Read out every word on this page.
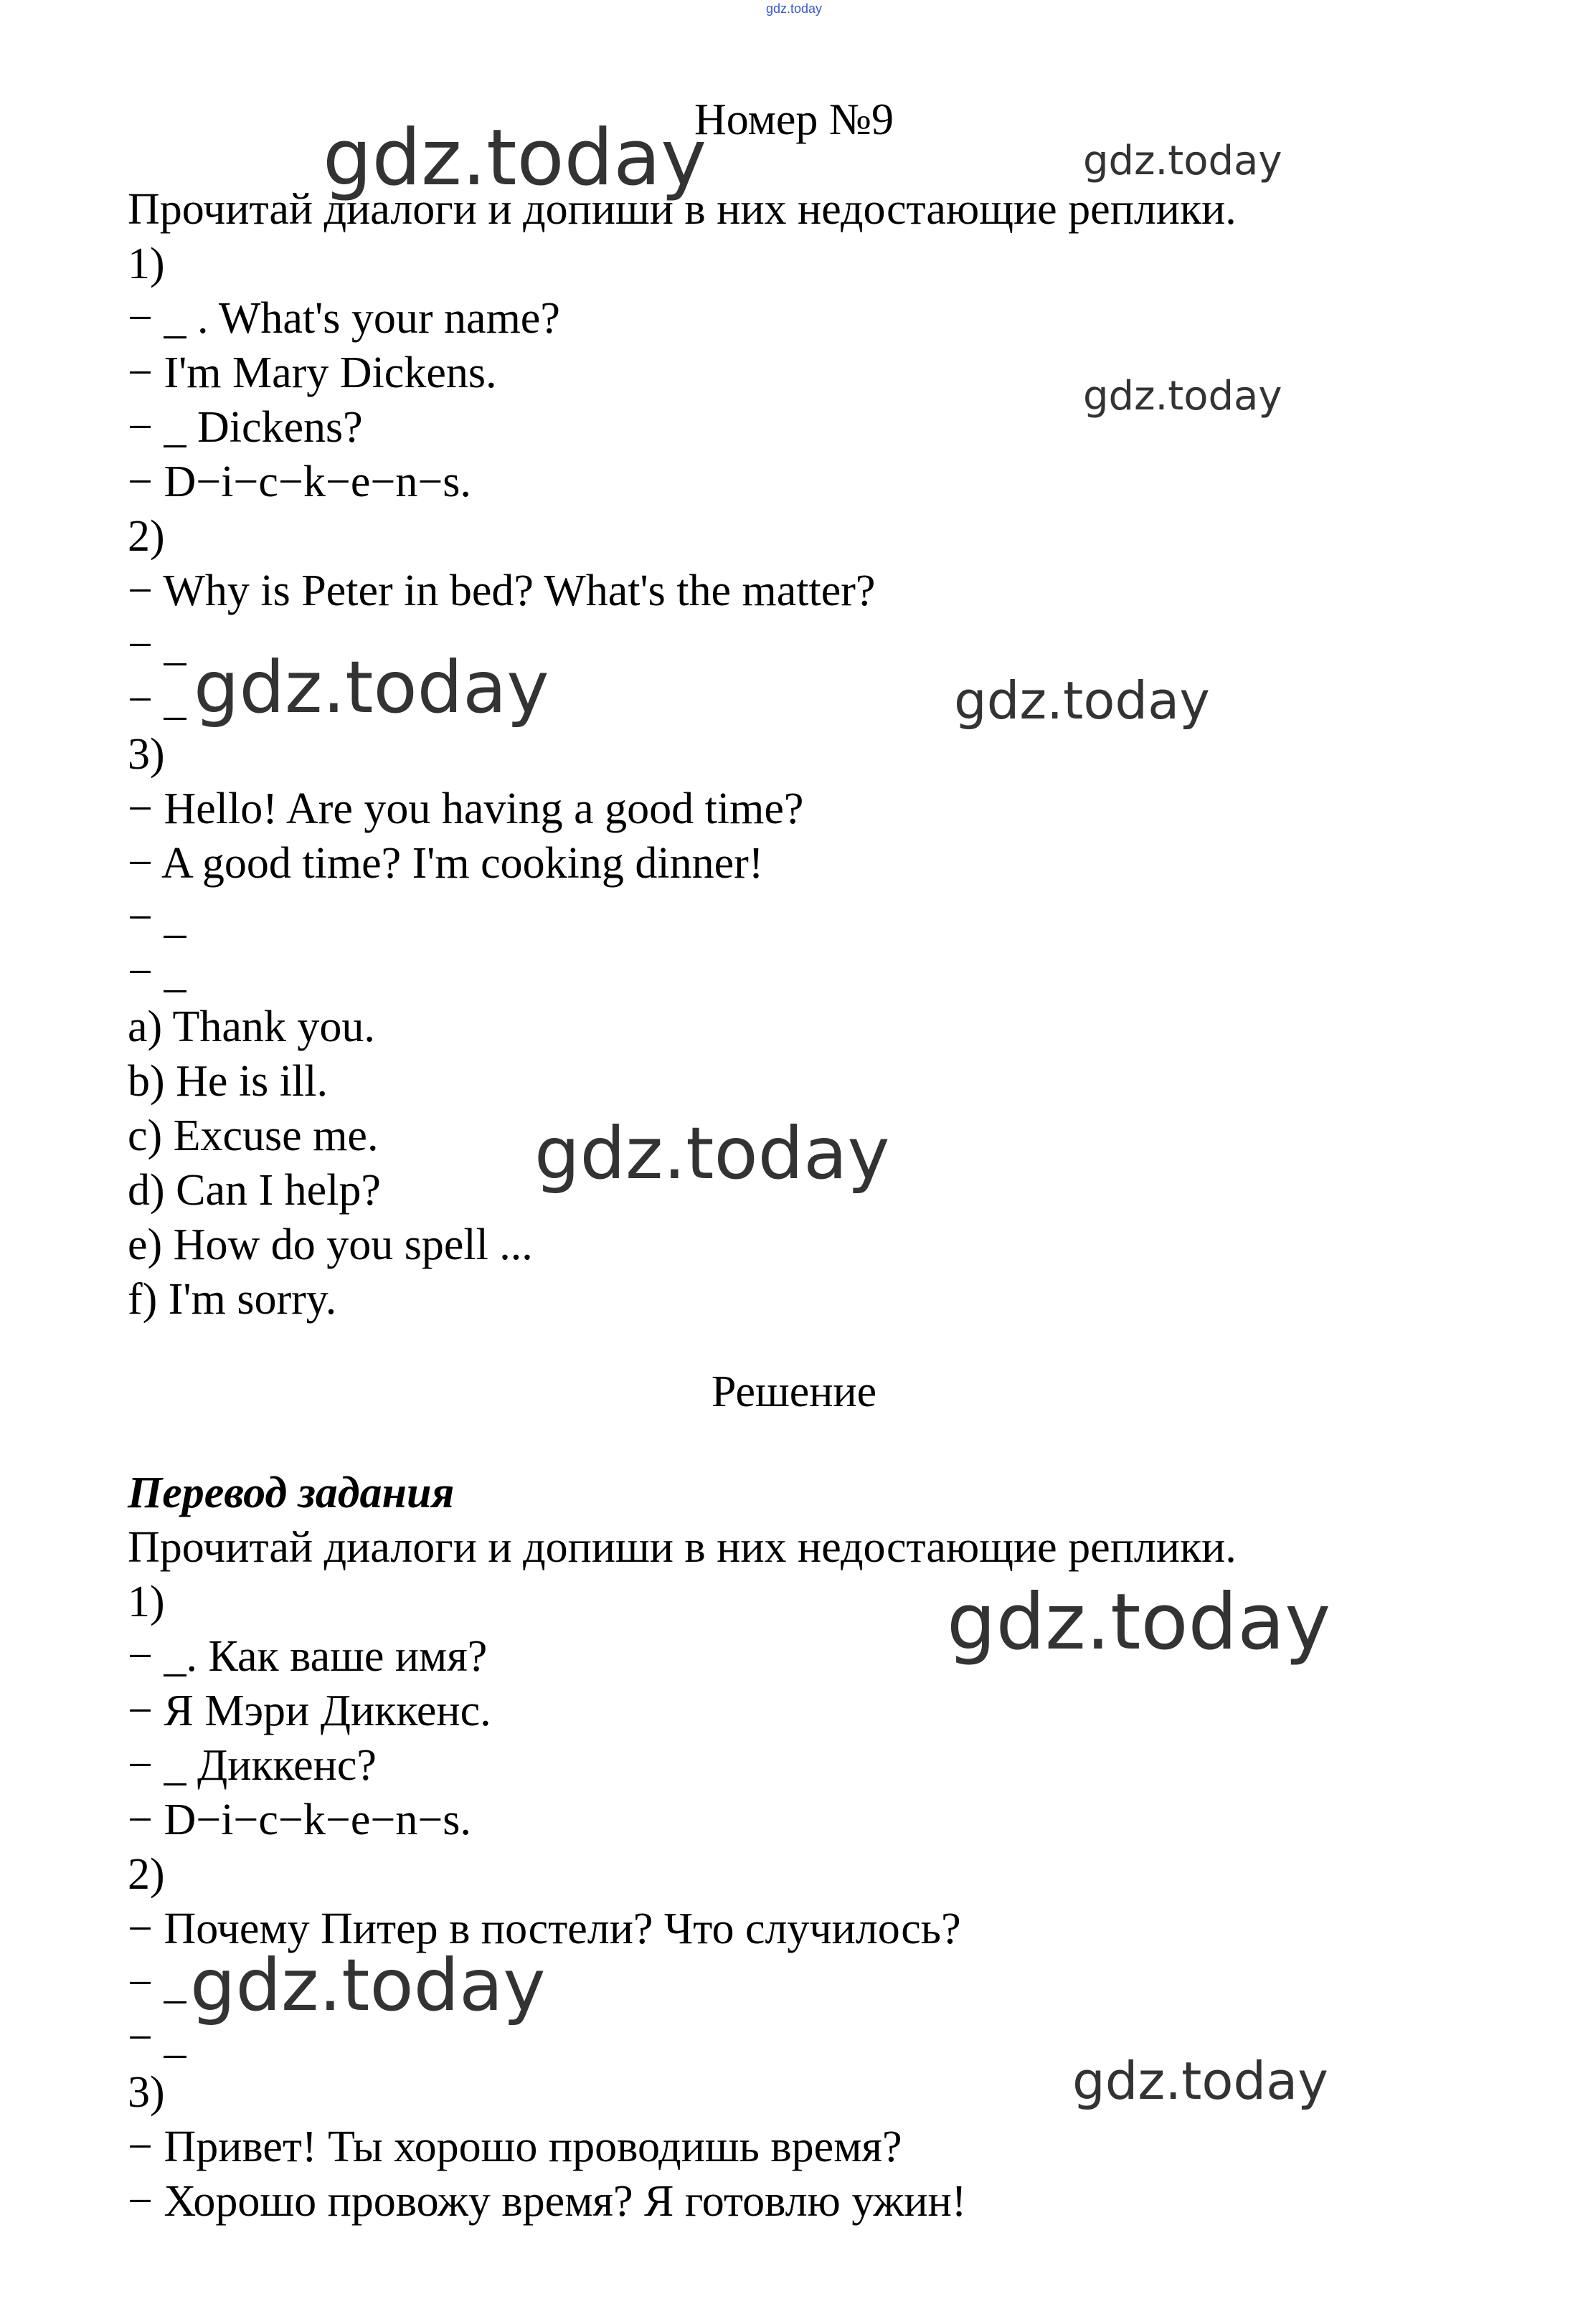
gdz.today
Номер №9
Прочитай диалоги и допиши в них недостающие реплики.
1)
− _ . What's your name?
− I'm Mary Dickens.
− _ Dickens?
− D−i−c−k−e−n−s.
2)
− Why is Peter in bed? What's the matter?
− _
− _
3)
− Hello! Are you having a good time?
− A good time? I'm cooking dinner!
− _
− _
a) Thank you.
b) He is ill.
c) Excuse me.
d) Can I help?
e) How do you spell ...
f) I'm sorry.
Решение
Перевод задания
Прочитай диалоги и допиши в них недостающие реплики.
1)
− _. Как ваше имя?
− Я Мэри Диккенс.
− _ Диккенс?
− D−i−c−k−e−n−s.
2)
− Почему Питер в постели? Что случилось?
− _
− _
3)
− Привет! Ты хорошо проводишь время?
− Хорошо провожу время? Я готовлю ужин!
gdz.today	gdz.today
gdz.today
gdz.today	gdz.today
gdz.today
gdz.today
gdz.today
gdz.today
